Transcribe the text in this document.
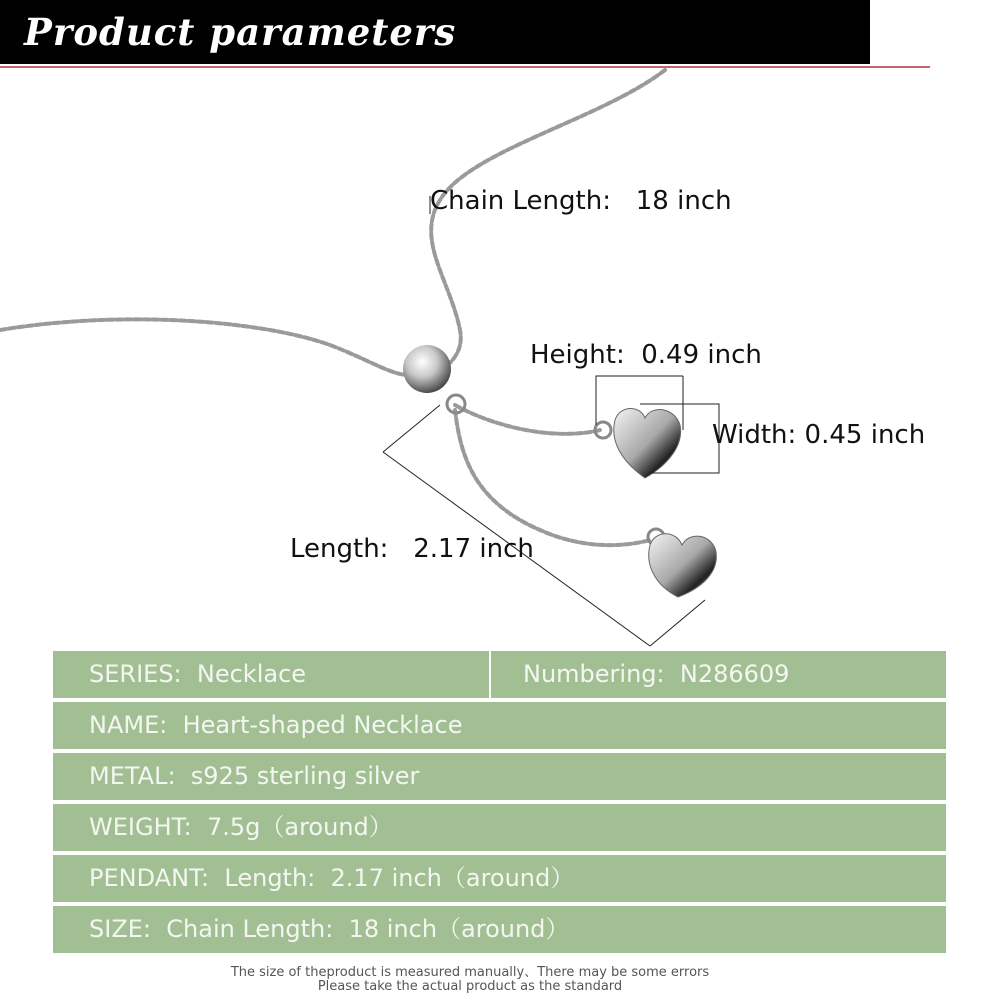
Product parameters
Chain Length:   18 inch
Height:  0.49 inch
Width: 0.45 inch
Length:   2.17 inch
SERIES:  Necklace	Numbering:  N286609
NAME:  Heart-shaped Necklace
METAL:  s925 sterling silver
WEIGHT:  7.5g（around）
PENDANT:  Length:  2.17 inch（around）
SIZE:  Chain Length:  18 inch（around）
The size of theproduct is measured manually、There may be some errors
Please take the actual product as the standard
